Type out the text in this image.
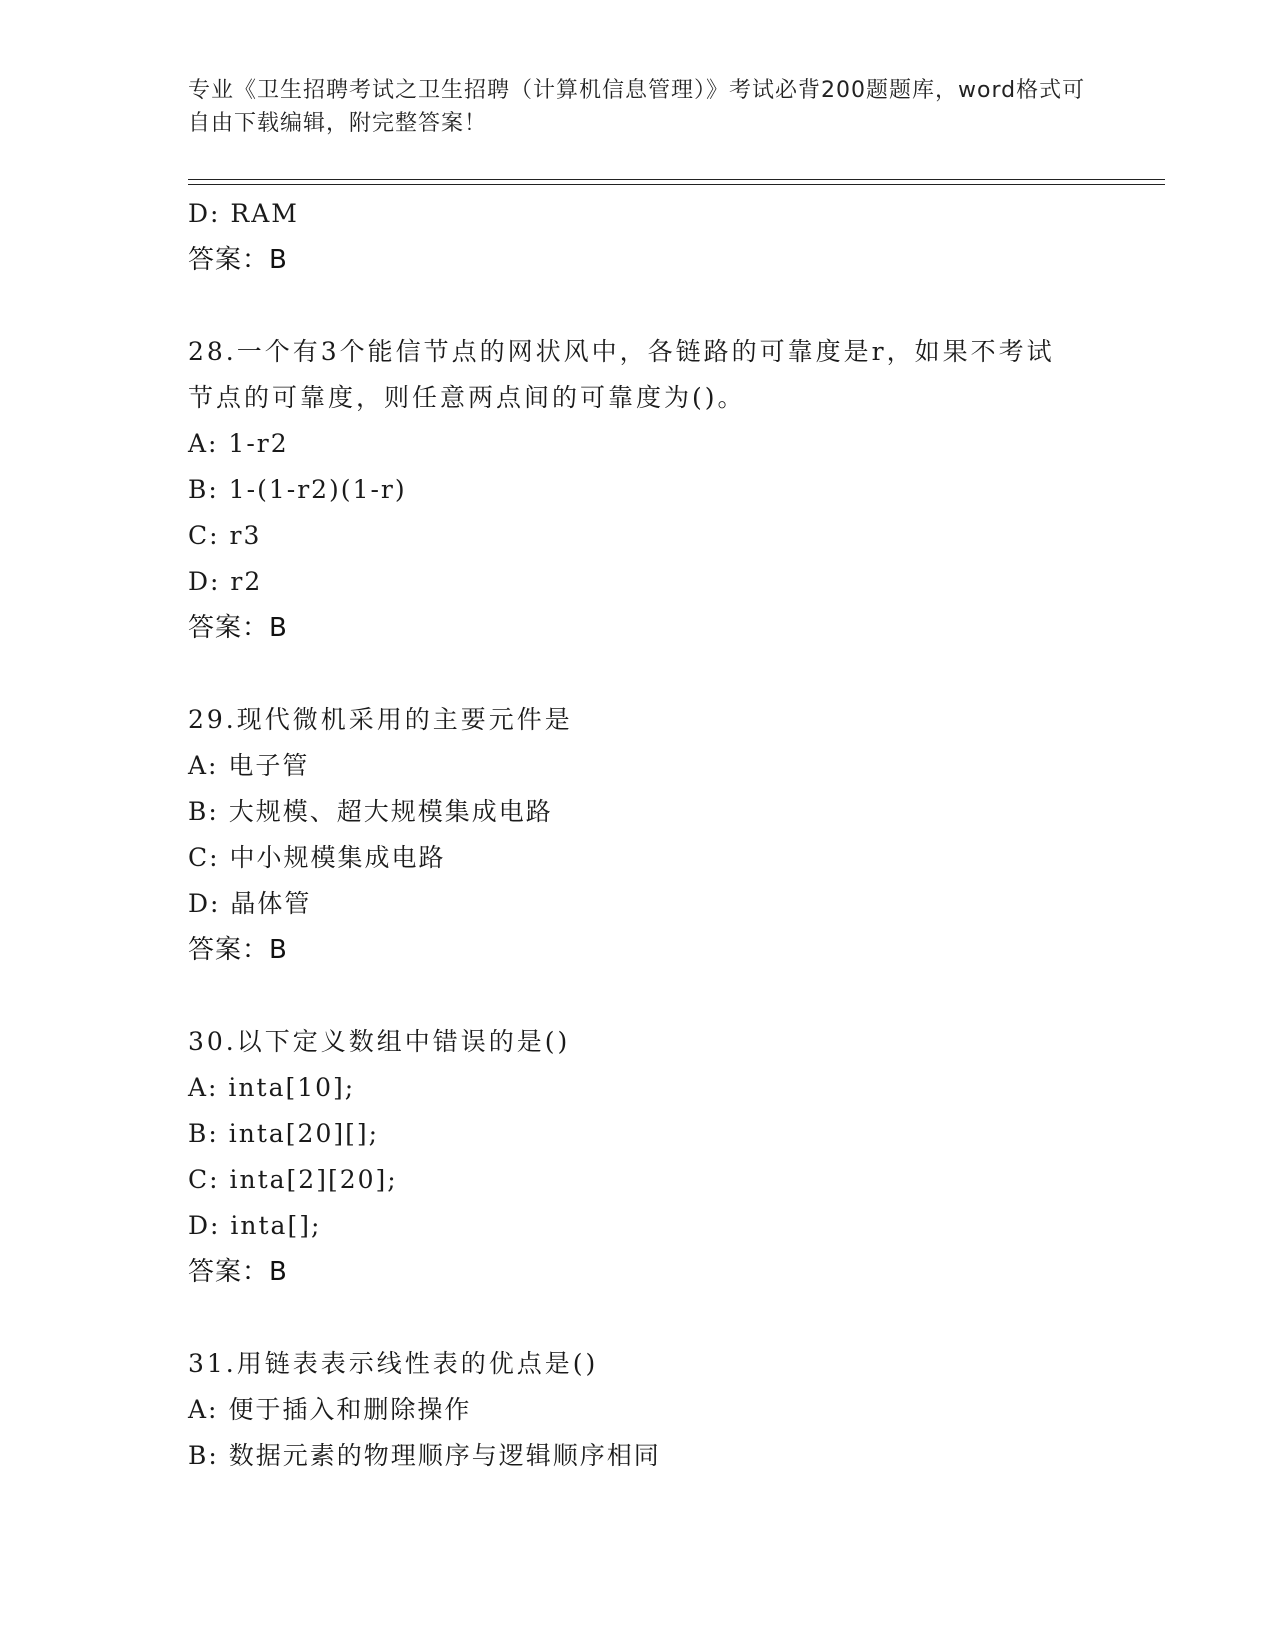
专业《卫生招聘考试之卫生招聘（计算机信息管理）》考试必背200题题库，word格式可自由下载编辑，附完整答案！
D: RAM
答案：B
28.一个有3个能信节点的网状风中，各链路的可靠度是r，如果不考试节点的可靠度，则任意两点间的可靠度为()。
A: 1-r2
B: 1-(1-r2)(1-r)
C: r3
D: r2
答案：B
29.现代微机采用的主要元件是
A: 电子管
B: 大规模、超大规模集成电路
C: 中小规模集成电路
D: 晶体管
答案：B
30.以下定义数组中错误的是()
A: inta[10];
B: inta[20][];
C: inta[2][20];
D: inta[];
答案：B
31.用链表表示线性表的优点是()
A: 便于插入和删除操作
B: 数据元素的物理顺序与逻辑顺序相同
